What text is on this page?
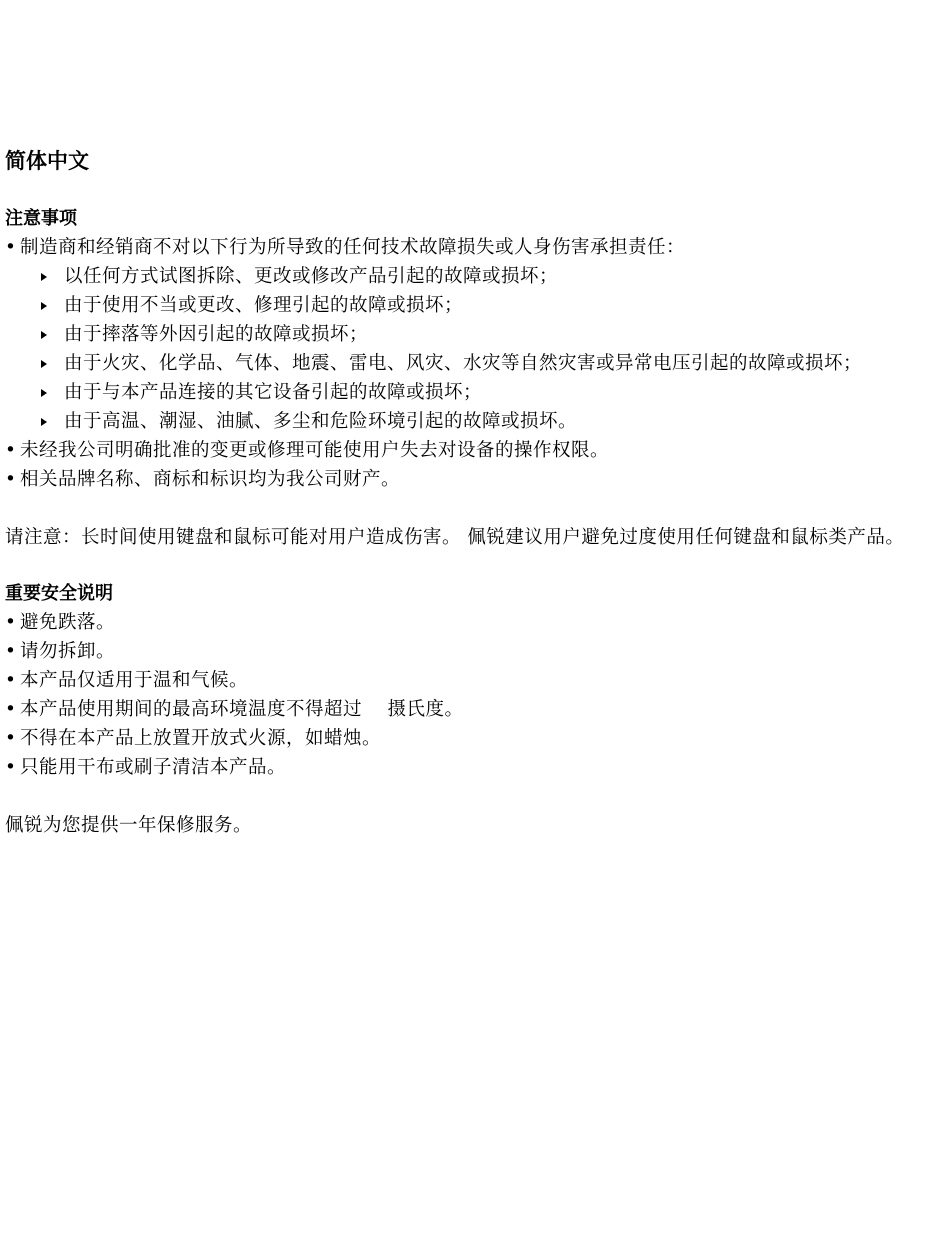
简体中文
注意事项
• 制造商和经销商不对以下行为所导致的任何技术故障损失或人身伤害承担责任：
以任何方式试图拆除、更改或修改产品引起的故障或损坏；
由于使用不当或更改、修理引起的故障或损坏；
由于摔落等外因引起的故障或损坏；
由于火灾、化学品、气体、地震、雷电、风灾、水灾等自然灾害或异常电压引起的故障或损坏；
由于与本产品连接的其它设备引起的故障或损坏；
由于高温、潮湿、油腻、多尘和危险环境引起的故障或损坏。
• 未经我公司明确批准的变更或修理可能使用户失去对设备的操作权限。
• 相关品牌名称、商标和标识均为我公司财产。

请注意：长时间使用键盘和鼠标可能对用户造成伤害。 佩锐建议用户避免过度使用任何键盘和鼠标类产品。

重要安全说明
• 避免跌落。
• 请勿拆卸。
• 本产品仅适用于温和气候。
• 本产品使用期间的最高环境温度不得超过    摄氏度。
• 不得在本产品上放置开放式火源，如蜡烛。
• 只能用干布或刷子清洁本产品。

佩锐为您提供一年保修服务。
